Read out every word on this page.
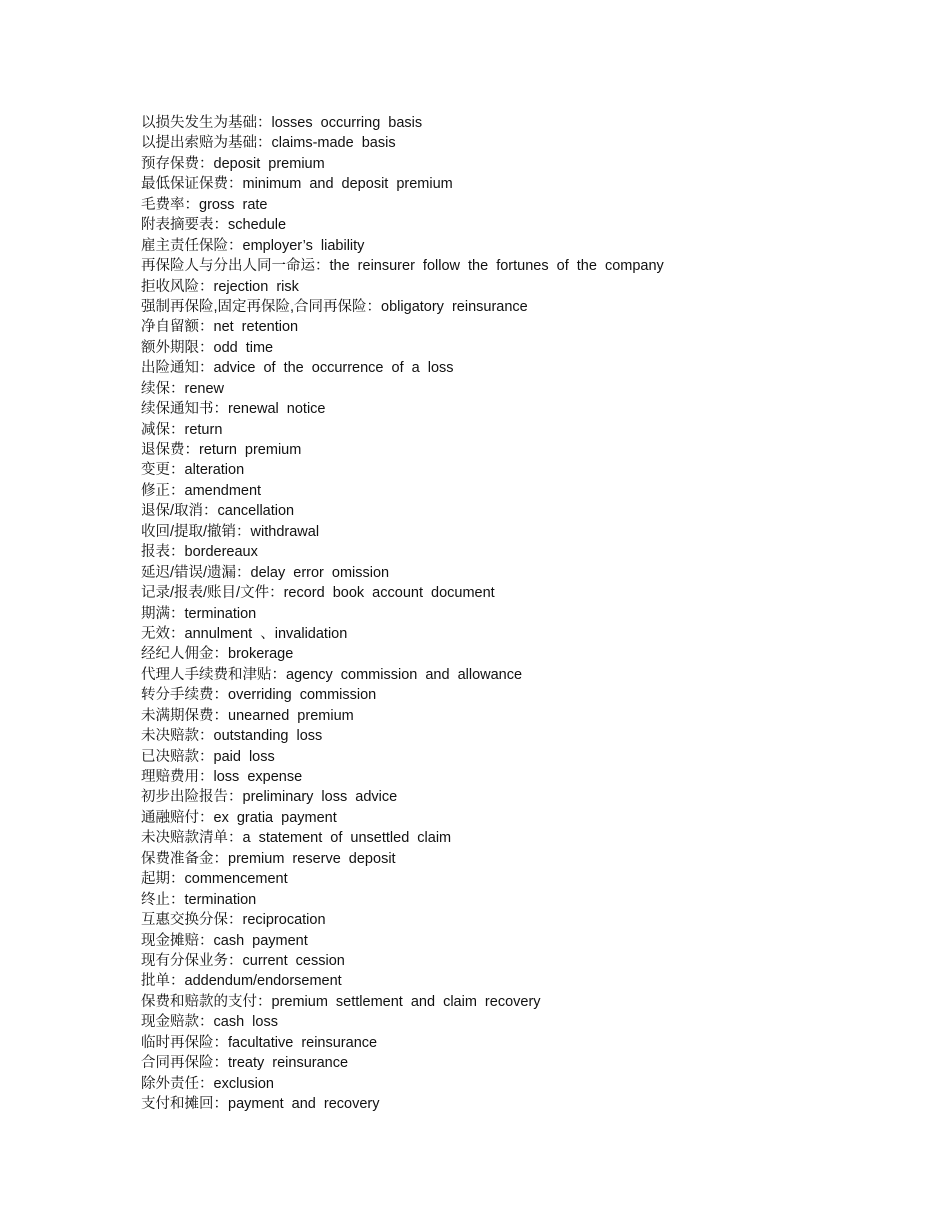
以损失发生为基础：losses occurring basis
以提出索赔为基础：claims-made basis
预存保费：deposit premium
最低保证保费：minimum and deposit premium
毛费率：gross rate
附表摘要表：schedule
雇主责任保险：employer’s liability
再保险人与分出人同一命运：the reinsurer follow the fortunes of the company
拒收风险：rejection risk
强制再保险,固定再保险,合同再保险：obligatory reinsurance
净自留额：net retention
额外期限：odd time
出险通知：advice of the occurrence of a loss
续保：renew
续保通知书：renewal notice
减保：return
退保费：return premium
变更：alteration
修正：amendment
退保/取消：cancellation
收回/提取/撤销：withdrawal
报表：bordereaux
延迟/错误/遗漏：delay error omission
记录/报表/账目/文件：record book account document
期满：termination
无效：annulment 、invalidation
经纪人佣金：brokerage
代理人手续费和津贴：agency commission and allowance
转分手续费：overriding commission
未满期保费：unearned premium
未决赔款：outstanding loss
已决赔款：paid loss
理赔费用：loss expense
初步出险报告：preliminary loss advice
通融赔付：ex gratia payment
未决赔款清单：a statement of unsettled claim
保费准备金：premium reserve deposit
起期：commencement
终止：termination
互惠交换分保：reciprocation
现金摊赔：cash payment
现有分保业务：current cession
批单：addendum/endorsement
保费和赔款的支付：premium settlement and claim recovery
现金赔款：cash loss
临时再保险：facultative reinsurance
合同再保险：treaty reinsurance
除外责任：exclusion
支付和摊回：payment and recovery
